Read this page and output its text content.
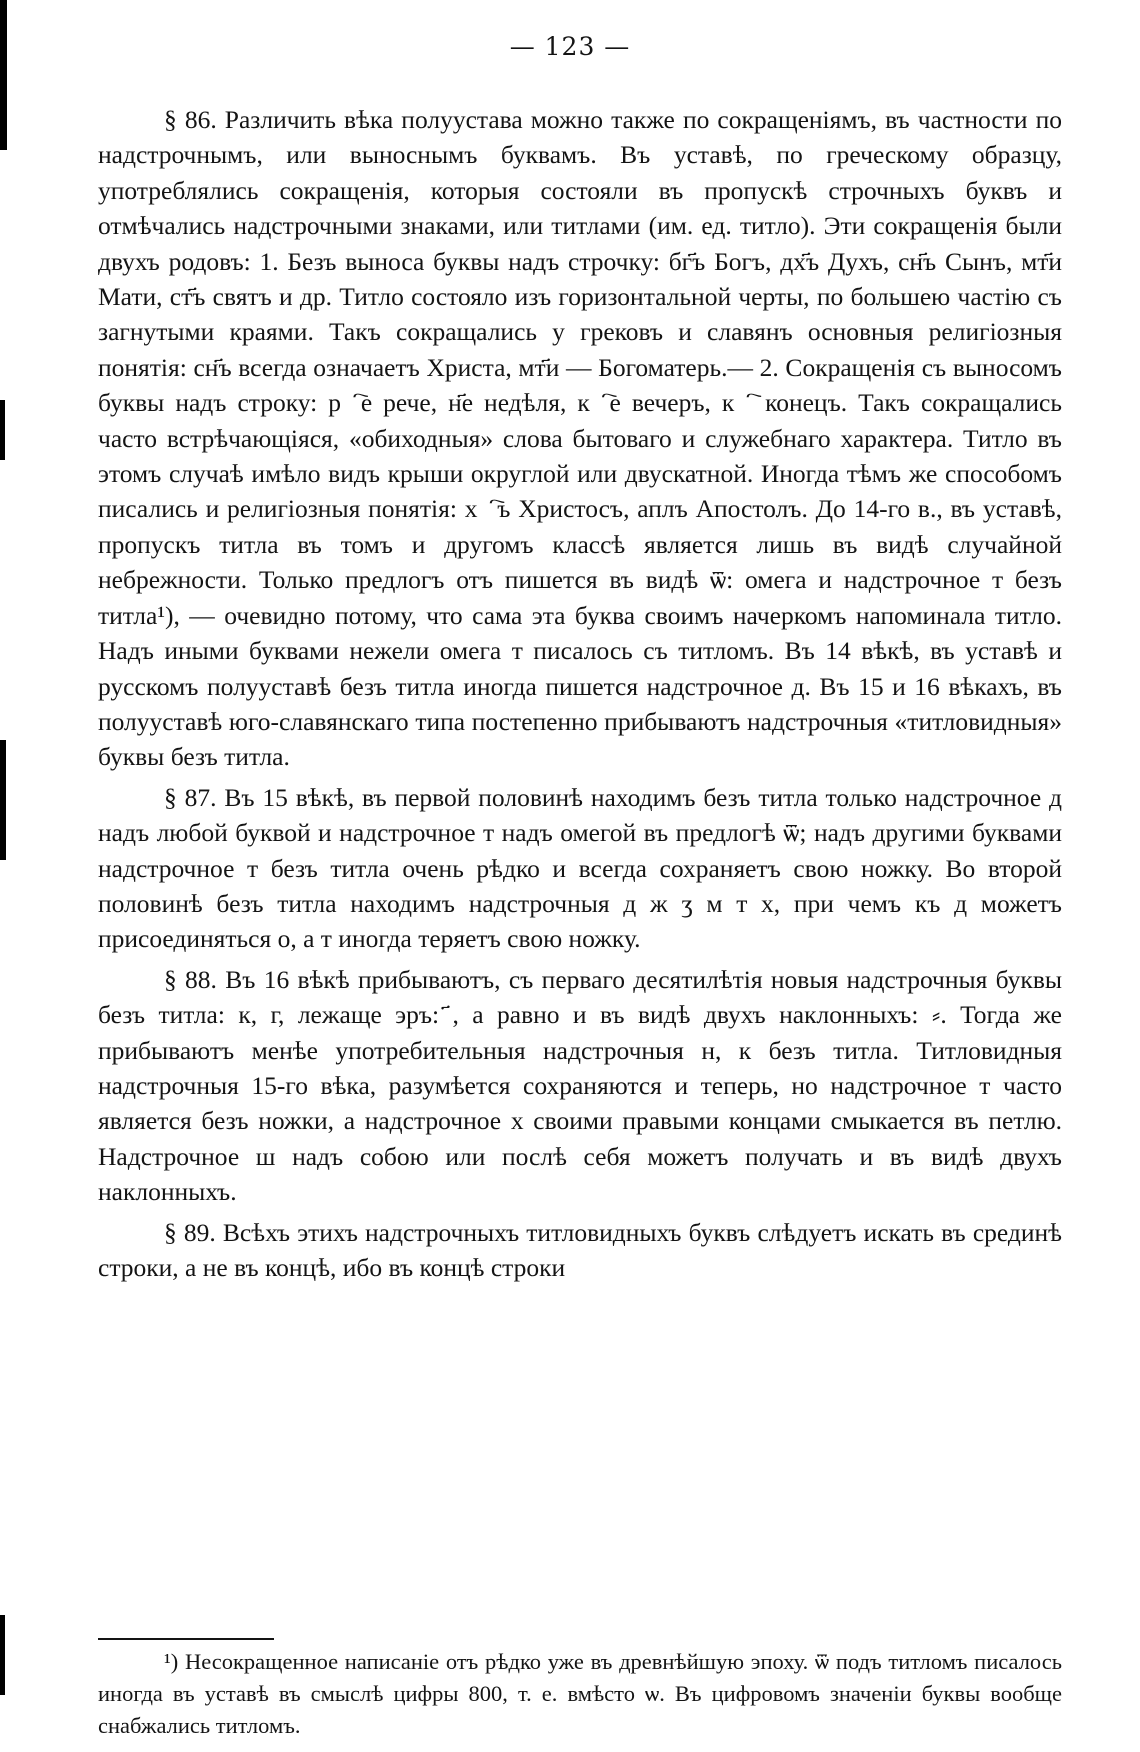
— 123 —

§ 86. Различить вѣка полуустава можно также по сокращеніямъ, въ частности по надстрочнымъ, или выноснымъ буквамъ. Въ уставѣ, по греческому образцу, употреблялись сокращенія, которыя состояли въ пропускѣ строчныхъ буквъ и отмѣчались надстрочными знаками, или титлами (им. ед. титло). Эти сокращенія были двухъ родовъ: 1. Безъ выноса буквы надъ строчку: бг҃ъ Богъ, дх҃ъ Духъ, сн҃ъ Сынъ, мт҃и Мати, ст҃ъ святъ и др. Титло состояло изъ горизонтальной черты, по большею частію съ загнутыми краями. Такъ сокращались у грековъ и славянъ основныя религіозныя понятія: сн҃ъ всегда означаетъ Христа, мт҃и — Богоматерь.— 2. Сокращенія съ выносомъ буквы надъ строку: рⷱ҇е рече, н҃е недѣля, кⷱ҇е вечеръ, кⷰ҇ конецъ. Такъ сокращались часто встрѣчающіяся, «обиходныя» слова бытоваго и служебнаго характера. Титло въ этомъ случаѣ имѣло видъ крыши округлой или двускатной. Иногда тѣмъ же способомъ писались и религіозныя понятія: хⷭ҇ъ Христосъ, аплъ Апостолъ. До 14-го в., въ уставѣ, пропускъ титла въ томъ и другомъ классѣ является лишь въ видѣ случайной небрежности. Только предлогъ отъ пишется въ видѣ ѿ: омега и надстрочное т безъ титла¹), — очевидно потому, что сама эта буква своимъ начеркомъ напоминала титло. Надъ иными буквами нежели омега т писалось съ титломъ. Въ 14 вѣкѣ, въ уставѣ и русскомъ полууставѣ безъ титла иногда пишется надстрочное д. Въ 15 и 16 вѣкахъ, въ полууставѣ юго-славянскаго типа постепенно прибываютъ надстрочныя «титловидныя» буквы безъ титла.

§ 87. Въ 15 вѣкѣ, въ первой половинѣ находимъ безъ титла только надстрочное д надъ любой буквой и надстрочное т надъ омегой въ предлогѣ ѿ; надъ другими буквами надстрочное т безъ титла очень рѣдко и всегда сохраняетъ свою ножку. Во второй половинѣ безъ титла находимъ надстрочныя д ж ӡ м т х, при чемъ къ д можетъ присоединяться о, а т иногда теряетъ свою ножку.

§ 88. Въ 16 вѣкѣ прибываютъ, съ перваго десятилѣтія новыя надстрочныя буквы безъ титла: к, г, лежаще эръ: ҃, а равно и въ видѣ двухъ наклонныхъ: ⸗. Тогда же прибываютъ менѣе употребительныя надстрочныя н, к безъ титла. Титловидныя надстрочныя 15-го вѣка, разумѣется сохраняются и теперь, но надстрочное т часто является безъ ножки, а надстрочное х своими правыми концами смыкается въ петлю. Надстрочное ш надъ собою или послѣ себя можетъ получать и въ видѣ двухъ наклонныхъ.

§ 89. Всѣхъ этихъ надстрочныхъ титловидныхъ буквъ слѣдуетъ искать въ срединѣ строки, а не въ концѣ, ибо въ концѣ строки

¹) Несокращенное написаніе отъ рѣдко уже въ древнѣйшую эпоху. ѿ подъ титломъ писалось иногда въ уставѣ въ смыслѣ цифры 800, т. е. вмѣсто ѡ. Въ цифровомъ значеніи буквы вообще снабжались титломъ.
